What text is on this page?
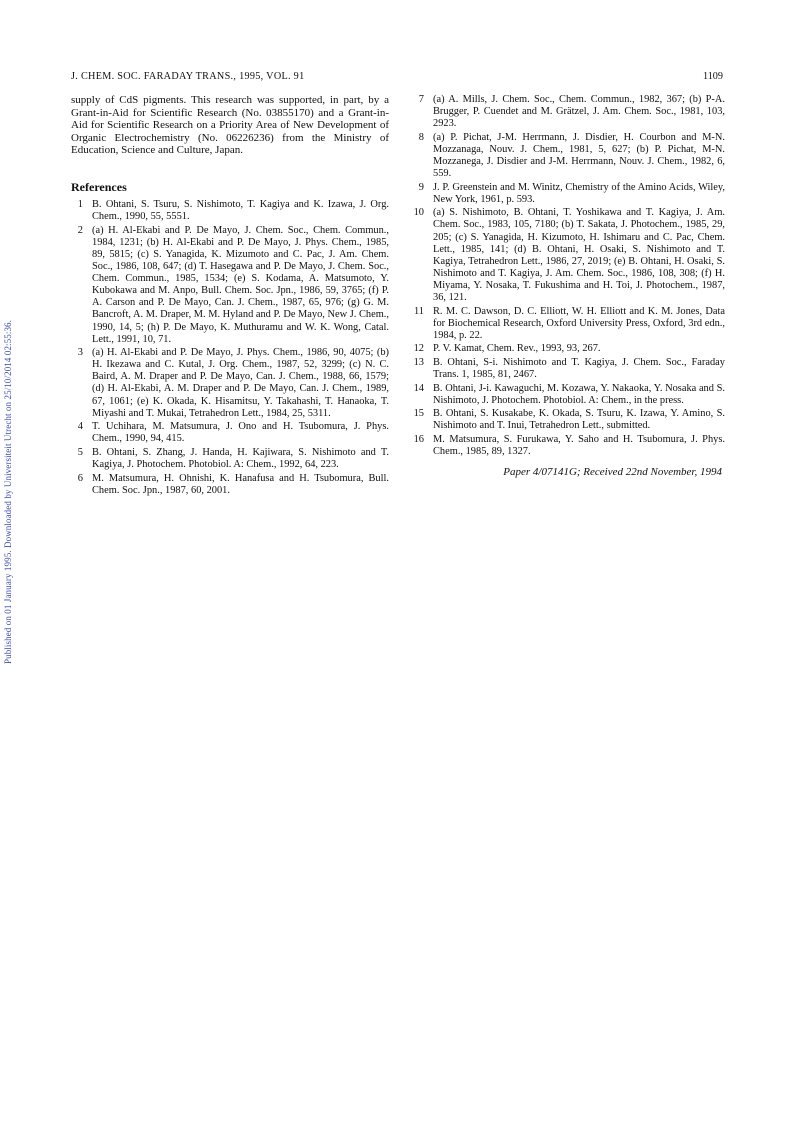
J. CHEM. SOC. FARADAY TRANS., 1995, VOL. 91	1109

supply of CdS pigments. This research was supported, in part, by a Grant-in-Aid for Scientific Research (No. 03855170) and a Grant-in-Aid for Scientific Research on a Priority Area of New Development of Organic Electrochemistry (No. 06226236) from the Ministry of Education, Science and Culture, Japan.

References
1 B. Ohtani, S. Tsuru, S. Nishimoto, T. Kagiya and K. Izawa, J. Org. Chem., 1990, 55, 5551.
2 (a) H. Al-Ekabi and P. De Mayo, J. Chem. Soc., Chem. Commun., 1984, 1231; (b) H. Al-Ekabi and P. De Mayo, J. Phys. Chem., 1985, 89, 5815; (c) S. Yanagida, K. Mizumoto and C. Pac, J. Am. Chem. Soc., 1986, 108, 647; (d) T. Hasegawa and P. De Mayo, J. Chem. Soc., Chem. Commun., 1985, 1534; (e) S. Kodama, A. Matsumoto, Y. Kubokawa and M. Anpo, Bull. Chem. Soc. Jpn., 1986, 59, 3765; (f) P. A. Carson and P. De Mayo, Can. J. Chem., 1987, 65, 976; (g) G. M. Bancroft, A. M. Draper, M. M. Hyland and P. De Mayo, New J. Chem., 1990, 14, 5; (h) P. De Mayo, K. Muthuramu and W. K. Wong, Catal. Lett., 1991, 10, 71.
3 (a) H. Al-Ekabi and P. De Mayo, J. Phys. Chem., 1986, 90, 4075; (b) H. Ikezawa and C. Kutal, J. Org. Chem., 1987, 52, 3299; (c) N. C. Baird, A. M. Draper and P. De Mayo, Can. J. Chem., 1988, 66, 1579; (d) H. Al-Ekabi, A. M. Draper and P. De Mayo, Can. J. Chem., 1989, 67, 1061; (e) K. Okada, K. Hisamitsu, Y. Takahashi, T. Hanaoka, T. Miyashi and T. Mukai, Tetrahedron Lett., 1984, 25, 5311.
4 T. Uchihara, M. Matsumura, J. Ono and H. Tsubomura, J. Phys. Chem., 1990, 94, 415.
5 B. Ohtani, S. Zhang, J. Handa, H. Kajiwara, S. Nishimoto and T. Kagiya, J. Photochem. Photobiol. A: Chem., 1992, 64, 223.
6 M. Matsumura, H. Ohnishi, K. Hanafusa and H. Tsubomura, Bull. Chem. Soc. Jpn., 1987, 60, 2001.
7 (a) A. Mills, J. Chem. Soc., Chem. Commun., 1982, 367; (b) P-A. Brugger, P. Cuendet and M. Grätzel, J. Am. Chem. Soc., 1981, 103, 2923.
8 (a) P. Pichat, J-M. Herrmann, J. Disdier, H. Courbon and M-N. Mozzanaga, Nouv. J. Chem., 1981, 5, 627; (b) P. Pichat, M-N. Mozzanega, J. Disdier and J-M. Herrmann, Nouv. J. Chem., 1982, 6, 559.
9 J. P. Greenstein and M. Winitz, Chemistry of the Amino Acids, Wiley, New York, 1961, p. 593.
10 (a) S. Nishimoto, B. Ohtani, T. Yoshikawa and T. Kagiya, J. Am. Chem. Soc., 1983, 105, 7180; (b) T. Sakata, J. Photochem., 1985, 29, 205; (c) S. Yanagida, H. Kizumoto, H. Ishimaru and C. Pac, Chem. Lett., 1985, 141; (d) B. Ohtani, H. Osaki, S. Nishimoto and T. Kagiya, Tetrahedron Lett., 1986, 27, 2019; (e) B. Ohtani, H. Osaki, S. Nishimoto and T. Kagiya, J. Am. Chem. Soc., 1986, 108, 308; (f) H. Miyama, Y. Nosaka, T. Fukushima and H. Toi, J. Photochem., 1987, 36, 121.
11 R. M. C. Dawson, D. C. Elliott, W. H. Elliott and K. M. Jones, Data for Biochemical Research, Oxford University Press, Oxford, 3rd edn., 1984, p. 22.
12 P. V. Kamat, Chem. Rev., 1993, 93, 267.
13 B. Ohtani, S-i. Nishimoto and T. Kagiya, J. Chem. Soc., Faraday Trans. 1, 1985, 81, 2467.
14 B. Ohtani, J-i. Kawaguchi, M. Kozawa, Y. Nakaoka, Y. Nosaka and S. Nishimoto, J. Photochem. Photobiol. A: Chem., in the press.
15 B. Ohtani, S. Kusakabe, K. Okada, S. Tsuru, K. Izawa, Y. Amino, S. Nishimoto and T. Inui, Tetrahedron Lett., submitted.
16 M. Matsumura, S. Furukawa, Y. Saho and H. Tsubomura, J. Phys. Chem., 1985, 89, 1327.
Paper 4/07141G; Received 22nd November, 1994
Published on 01 January 1995. Downloaded by Universiteit Utrecht on 25/10/2014 02:55:36.
